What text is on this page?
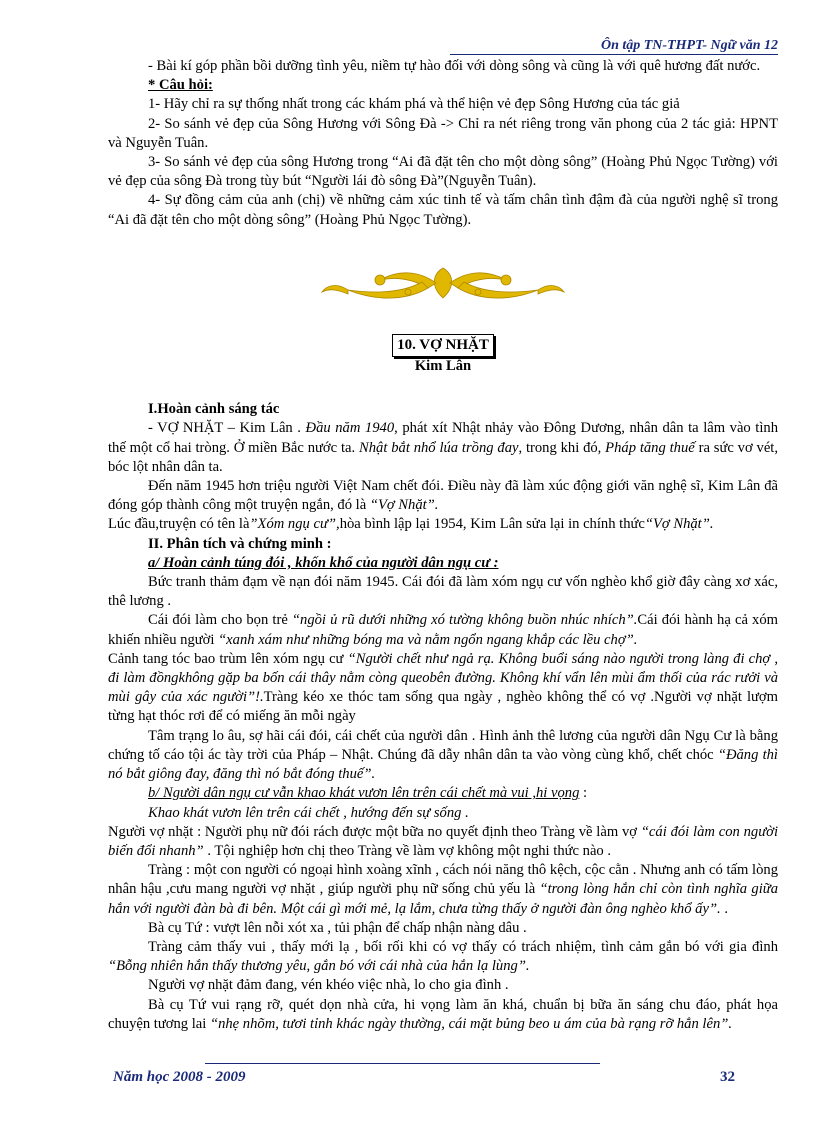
Ôn tập TN-THPT- Ngữ văn 12

- Bài kí góp phần bồi dưỡng tình yêu, niềm tự hào đối với dòng sông và cũng là với quê hương đất nước.

* Câu hỏi:

1- Hãy chỉ ra sự thống nhất trong các khám phá và thể hiện vẻ đẹp Sông Hương của tác giả

2- So sánh vẻ đẹp của Sông Hương với Sông Đà -> Chỉ ra nét riêng trong văn phong của 2 tác giả: HPNT và Nguyễn Tuân.

3- So sánh vẻ đẹp của sông Hương trong “Ai đã đặt tên cho một dòng sông” (Hoàng Phủ Ngọc Tường) với vẻ đẹp của sông Đà trong tùy bút “Người lái đò sông Đà”(Nguyễn Tuân).

4- Sự đồng cảm của anh (chị) về những cảm xúc tinh tế và tấm chân tình đậm đà của người nghệ sĩ trong “Ai đã đặt tên cho một dòng sông” (Hoàng Phủ Ngọc Tường).

10. VỢ NHẶT

Kim Lân

I.Hoàn cảnh sáng tác

- VỢ NHẶT – Kim Lân . Đầu năm 1940, phát xít Nhật nhảy vào Đông Dương, nhân dân ta lâm vào tình thế một cổ hai tròng. Ở miền Bắc nước ta. Nhật bắt nhổ lúa trồng đay, trong khi đó, Pháp tăng thuế ra sức vơ vét, bóc lột nhân dân ta.

Đến năm 1945 hơn triệu người Việt Nam chết đói. Điều này đã làm xúc động giới văn nghệ sĩ, Kim Lân đã đóng góp thành công một truyện ngắn, đó là “Vợ Nhặt”.

Lúc đầu,truyện có tên là”Xóm ngụ cư”,hòa bình lập lại 1954, Kim Lân sửa lại in chính thức“Vợ Nhặt”.

II. Phân tích và chứng minh :

a/ Hoàn cảnh túng đói , khốn khổ của người dân ngụ cư :

Bức tranh thảm đạm về nạn đói năm 1945. Cái đói đã làm xóm ngụ cư vốn nghèo khổ giờ đây càng xơ xác, thê lương .

Cái đói làm cho bọn trẻ “ngồi ủ rũ dưới những xó tường không buồn nhúc nhích”.Cái đói hành hạ cả xóm khiến nhiều người “xanh xám như những bóng ma và nằm ngổn ngang khắp các lều chợ”.

Cảnh tang tóc bao trùm lên xóm ngụ cư “Người chết như ngả rạ. Không buổi sáng nào người trong làng đi chợ , đi làm đồngkhông gặp ba bốn cái thây nằm còng queobên đường. Không khí vẩn lên mùi ẩm thối của rác rưởi và mùi gây của xác người”!.Tràng kéo xe thóc tam sống qua ngày , nghèo không thể có vợ .Người vợ nhặt lượm từng hạt thóc rơi để có miếng ăn mỗi ngày

Tâm trạng lo âu, sợ hãi cái đói, cái chết của người dân . Hình ảnh thê lương của người dân Ngụ Cư là bằng chứng tố cáo tội ác tày trời của Pháp – Nhật. Chúng đã dẫy nhân dân ta vào vòng cùng khổ, chết chóc “Đăng thì nó bắt giông đay, đăng thì nó bắt đóng thuế”.

b/ Người dân ngụ cư vẫn khao khát vươn lên trên cái chết mà vui ,hi vọng :

Khao khát vươn lên trên cái chết , hướng đến sự sống .

Người vợ nhặt : Người phụ nữ đói rách được một bữa no quyết định theo Tràng về làm vợ “cái đói làm con người biến đổi nhanh” . Tội nghiệp hơn chị theo Tràng về làm vợ không một nghi thức nào .

Tràng : một con người có ngoại hình xoàng xĩnh , cách nói năng thô kệch, cộc cằn . Nhưng anh có tấm lòng nhân hậu ,cưu mang người vợ nhặt , giúp người phụ nữ sống chủ yếu là “trong lòng hắn chỉ còn tình nghĩa giữa hắn với người đàn bà đi bên. Một cái gì mới mẻ, lạ lắm, chưa từng thấy ở người đàn ông nghèo khổ ấy”. .

Bà cụ Tứ : vượt lên nỗi xót xa , tủi phận để chấp nhận nàng dâu .

Tràng cảm thấy vui , thấy mới lạ , bối rối khi có vợ thấy có trách nhiệm, tình cảm gắn bó với gia đình “Bỗng nhiên hắn thấy thương yêu, gắn bó với cái nhà của hắn lạ lùng”.

Người vợ nhặt đảm đang, vén khéo việc nhà, lo cho gia đình .

Bà cụ Tứ vui rạng rỡ, quét dọn nhà cửa, hi vọng làm ăn khá, chuẩn bị bữa ăn sáng chu đáo, phát họa chuyện tương lai “nhẹ nhõm, tươi tỉnh khác ngày thường, cái mặt bủng beo u ám của bà rạng rỡ hẳn lên”.

Năm học 2008 - 2009	32
